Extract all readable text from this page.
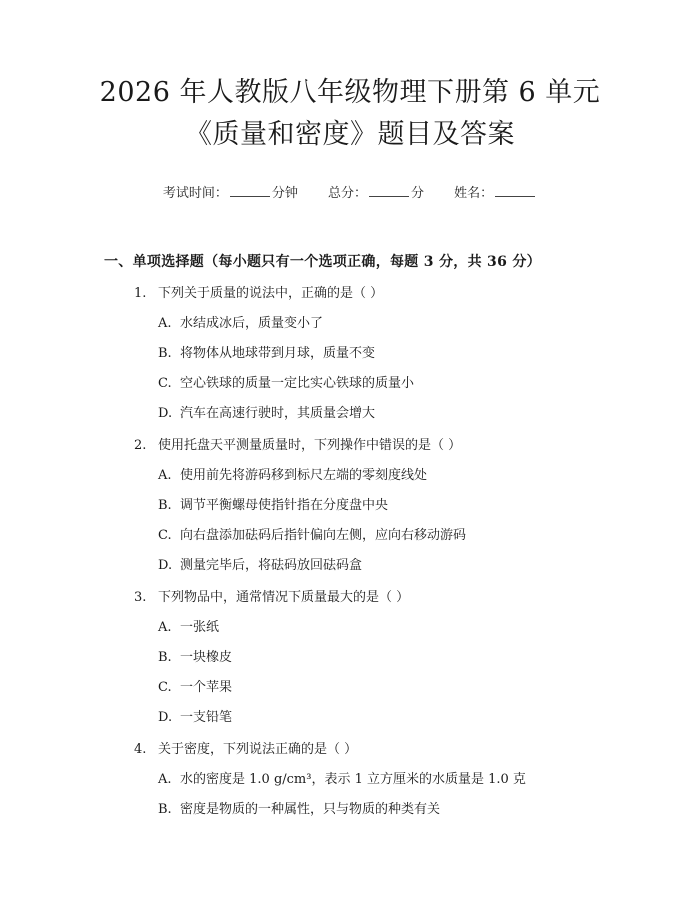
2026 年人教版八年级物理下册第 6 单元《质量和密度》题目及答案
考试时间：	分钟 总分：	分 姓名：
一、单项选择题（每小题只有一个选项正确，每题 3 分，共 36 分）
1. 下列关于质量的说法中，正确的是（ ）
A. 水结成冰后，质量变小了
B. 将物体从地球带到月球，质量不变
C. 空心铁球的质量一定比实心铁球的质量小
D. 汽车在高速行驶时，其质量会增大
2. 使用托盘天平测量质量时，下列操作中错误的是（ ）
A. 使用前先将游码移到标尺左端的零刻度线处
B. 调节平衡螺母使指针指在分度盘中央
C. 向右盘添加砝码后指针偏向左侧，应向右移动游码
D. 测量完毕后，将砝码放回砝码盒
3. 下列物品中，通常情况下质量最大的是（ ）
A. 一张纸
B. 一块橡皮
C. 一个苹果
D. 一支铅笔
4. 关于密度，下列说法正确的是（ ）
A. 水的密度是 1.0 g/cm³，表示 1 立方厘米的水质量是 1.0 克
B. 密度是物质的一种属性，只与物质的种类有关
